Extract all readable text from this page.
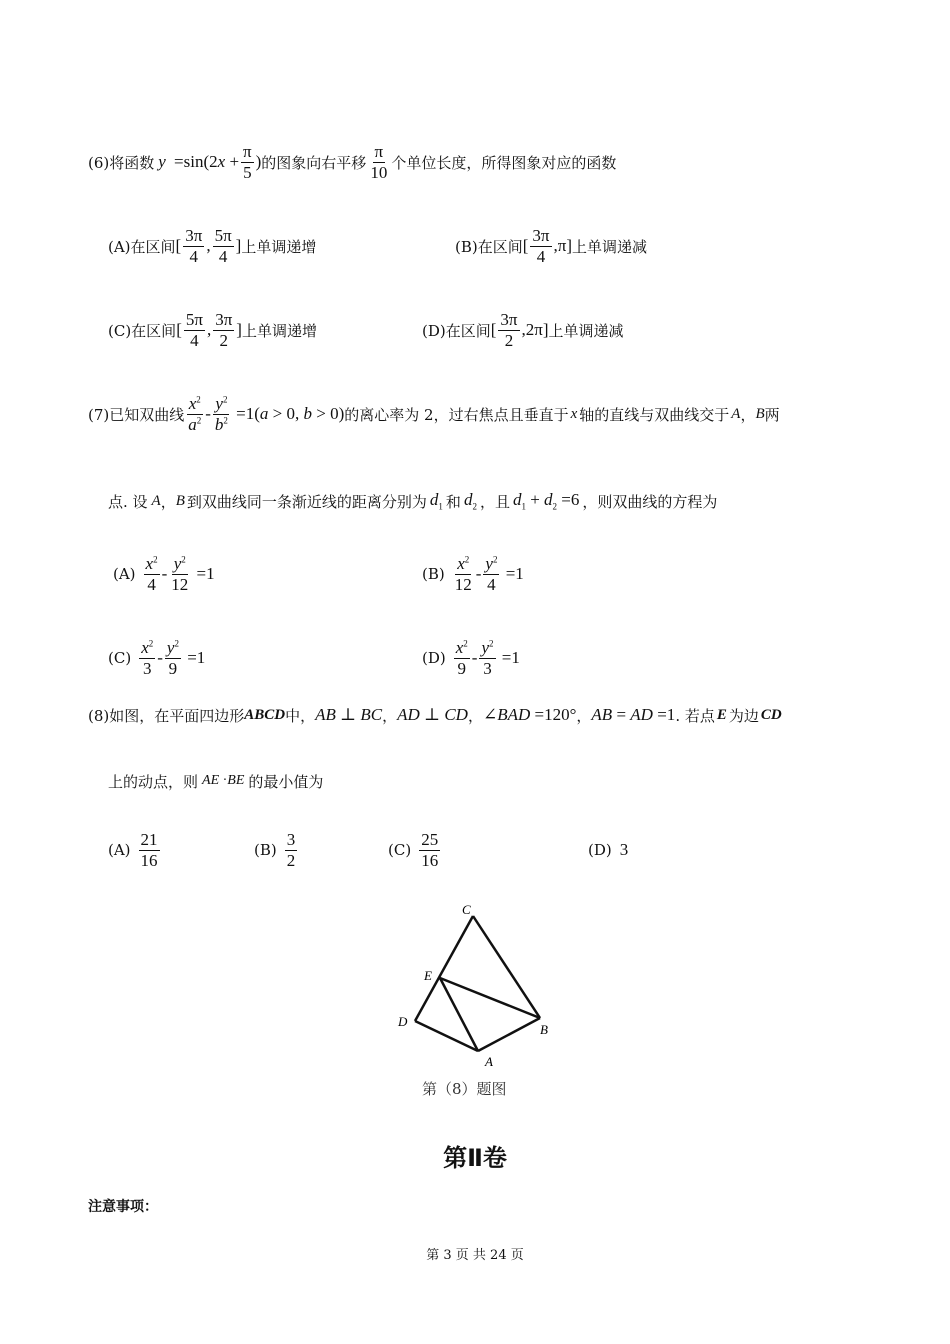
(6)将函数 $y =\sin(2x + \frac{\pi}{5}$ ) 的图象向右平移 $\frac{\pi}{10}$ 个单位长度，所得图象对应的函数
(A)在区间 [ $\frac{3\pi}{4}$ , $\frac{5\pi}{4}$ ] 上单调递增	(B)在区间 [ $\frac{3\pi}{4} ,\pi$] 上单调递减
(C)在区间 [ $\frac{5\pi}{4}$ , $\frac{3\pi}{2}$ ] 上单调递增	(D)在区间 [ $\frac{3\pi}{2} ,2\pi$] 上单调递减
(7)已知双曲线 $\frac{x^2}{a^2} - \frac{y^2}{b^2} =1(a > 0$, b > 0) 的离心率为 2，过右焦点且垂直于 x 轴的直线与双曲线交于 A ， B 两
点. 设 A ， B 到双曲线同一条渐近线的距离分别为 $d_1$ 和 $d_2$ ，且 $d_1 + d_2 =6$ ，则双曲线的方程为
$(A) \frac{x^2}{4} - \frac{y^2}{12} =1$	$(B) \frac{x^2}{12} - \frac{y^2}{4} =1$
$(C) \frac{x^2}{3} - \frac{y^2}{9} =1$	$(D) \frac{x^2}{9} - \frac{y^2}{3} =1$
(8)如图，在平面四边形 ABCD 中， AB ⊥ BC ， AD ⊥ CD ， ∠BAD =120° ， AB = AD =1 . 若点 E 为边 CD
上的动点，则 AE ·BE 的最小值为
$(A) \frac{21}{16}$	$(B) \frac{3}{2}$	$(C) \frac{25}{16}$	(D) 3
C
E
D
B
A
第（8）题图
第Ⅱ卷
注意事项：
第 3 页 共 24 页
